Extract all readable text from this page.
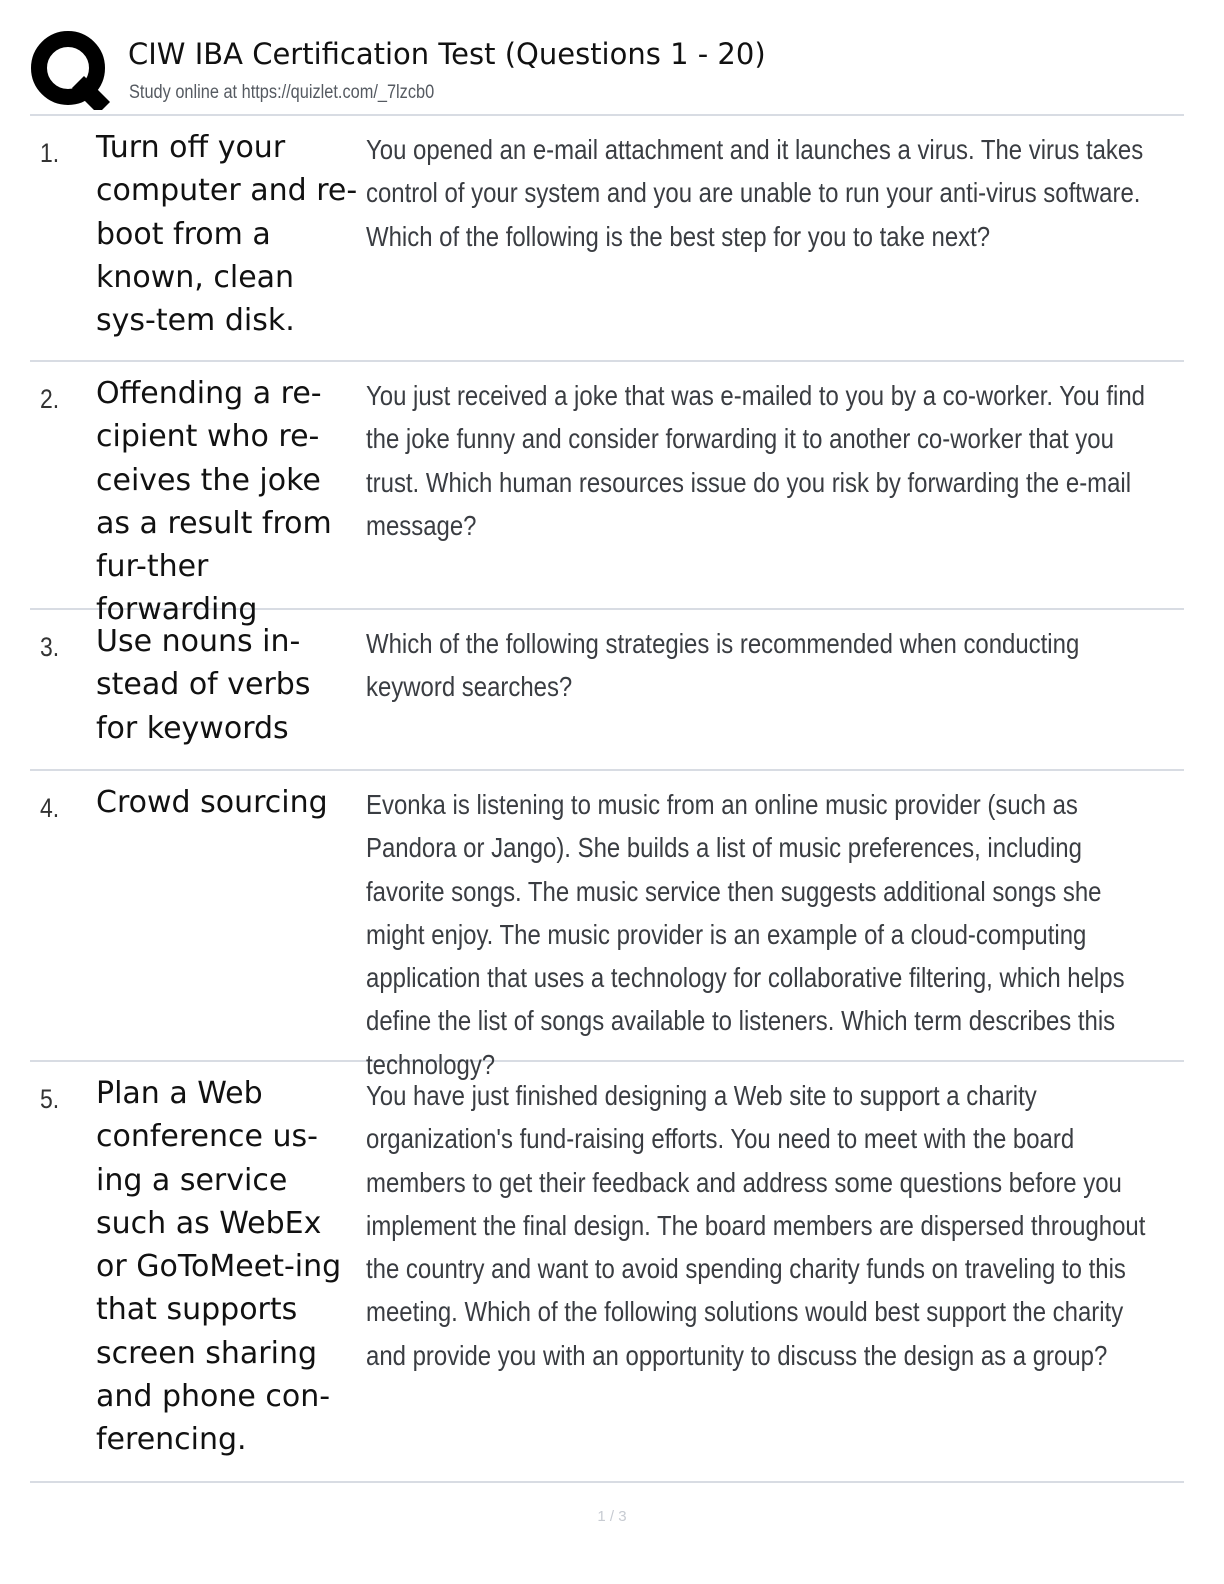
CIW IBA Certification Test (Questions 1 - 20)
Study online at https://quizlet.com/_7lzcb0
1. Turn off your computer and re-boot from a known, clean sys-tem disk.
You opened an e-mail attachment and it launches a virus. The virus takes control of your system and you are unable to run your anti-virus software. Which of the following is the best step for you to take next?
2. Offending a re-cipient who re-ceives the joke as a result from fur-ther forwarding
You just received a joke that was e-mailed to you by a co-worker. You find the joke funny and consider forwarding it to another co-worker that you trust. Which human resources issue do you risk by forwarding the e-mail message?
3. Use nouns in-stead of verbs for keywords
Which of the following strategies is recommended when conducting keyword searches?
4. Crowd sourcing	Evonka is listening to music from an online music provider (such as Pandora or Jango). She builds a list of music preferences, including favorite songs. The music service then suggests additional songs she might enjoy. The music provider is an example of a cloud-computing application that uses a technology for collaborative filtering, which helps define the list of songs available to listeners. Which term describes this technology?
5. Plan a Web conference us-ing a service such as WebEx or GoToMeet-ing that supports screen sharing and phone con-ferencing.
You have just finished designing a Web site to support a charity organization's fund-raising efforts. You need to meet with the board members to get their feedback and address some questions before you implement the final design. The board members are dispersed throughout the country and want to avoid spending charity funds on traveling to this meeting. Which of the following solutions would best support the charity and provide you with an opportunity to discuss the design as a group?
1 / 3
